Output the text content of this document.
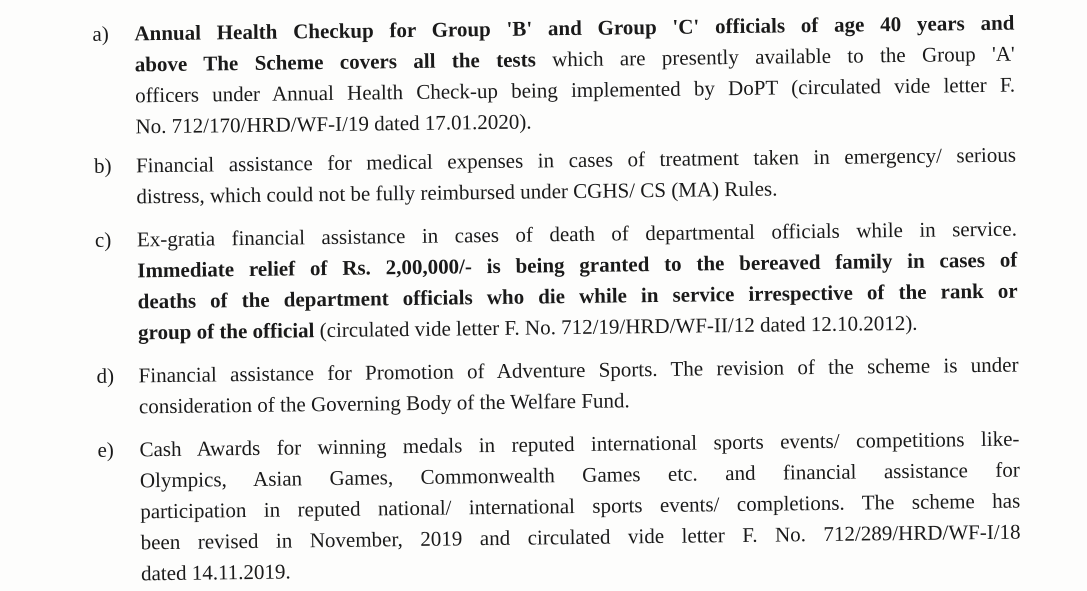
a) Annual Health Checkup for Group 'B' and Group 'C' officials of age 40 years and
above The Scheme covers all the tests which are presently available to the Group 'A'
officers under Annual Health Check-up being implemented by DoPT (circulated vide letter F.
No. 712/170/HRD/WF-I/19 dated 17.01.2020).
b) Financial assistance for medical expenses in cases of treatment taken in emergency/ serious
distress, which could not be fully reimbursed under CGHS/ CS (MA) Rules.
c) Ex-gratia financial assistance in cases of death of departmental officials while in service.
Immediate relief of Rs. 2,00,000/- is being granted to the bereaved family in cases of
deaths of the department officials who die while in service irrespective of the rank or
group of the official (circulated vide letter F. No. 712/19/HRD/WF-II/12 dated 12.10.2012).
d) Financial assistance for Promotion of Adventure Sports. The revision of the scheme is under
consideration of the Governing Body of the Welfare Fund.
e) Cash Awards for winning medals in reputed international sports events/ competitions like-
Olympics, Asian Games, Commonwealth Games etc. and financial assistance for
participation in reputed national/ international sports events/ completions. The scheme has
been revised in November, 2019 and circulated vide letter F. No. 712/289/HRD/WF-I/18
dated 14.11.2019.
